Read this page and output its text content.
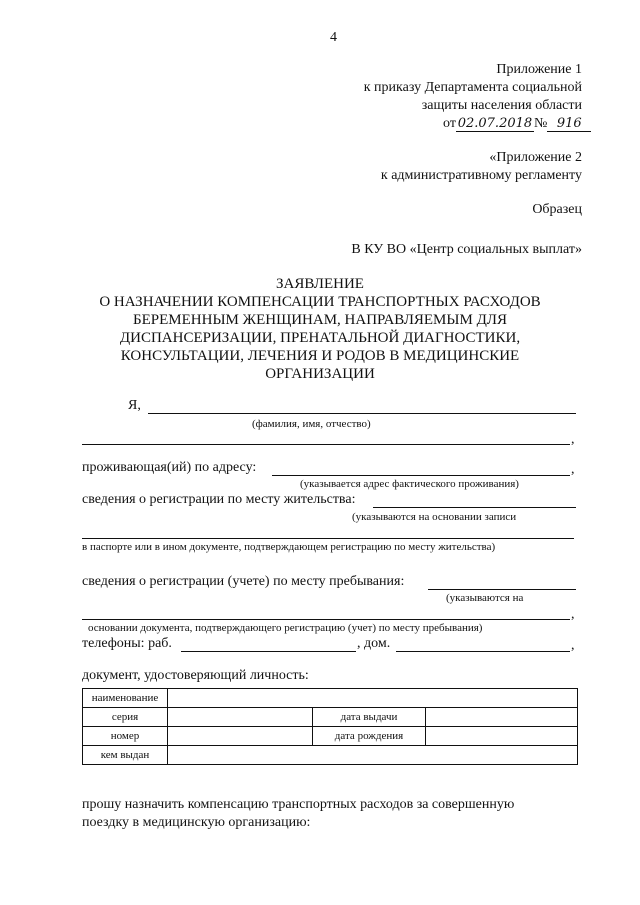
4
Приложение 1
к приказу Департамента социальной
защиты населения области
от 02.07.2018 № 916
«Приложение 2
к административному регламенту
Образец
В КУ ВО «Центр социальных выплат»
ЗАЯВЛЕНИЕ
О НАЗНАЧЕНИИ КОМПЕНСАЦИИ ТРАНСПОРТНЫХ РАСХОДОВ
БЕРЕМЕННЫМ ЖЕНЩИНАМ, НАПРАВЛЯЕМЫМ ДЛЯ
ДИСПАНСЕРИЗАЦИИ, ПРЕНАТАЛЬНОЙ ДИАГНОСТИКИ,
КОНСУЛЬТАЦИИ, ЛЕЧЕНИЯ И РОДОВ В МЕДИЦИНСКИЕ
ОРГАНИЗАЦИИ
Я,
(фамилия, имя, отчество)
,
проживающая(ий) по адресу:	,
(указывается адрес фактического проживания)
сведения о регистрации по месту жительства:
(указываются на основании записи
в паспорте или в ином документе, подтверждающем регистрацию по месту жительства)
сведения о регистрации (учете) по месту пребывания:
(указываются на
,
основании документа, подтверждающего регистрацию (учет) по месту пребывания)
телефоны: раб.	, дом.	,
документ, удостоверяющий личность:
наименование			
серия		дата выдачи	
номер		дата рождения	
кем выдан			
прошу назначить компенсацию транспортных расходов за совершенную
поездку в медицинскую организацию:
